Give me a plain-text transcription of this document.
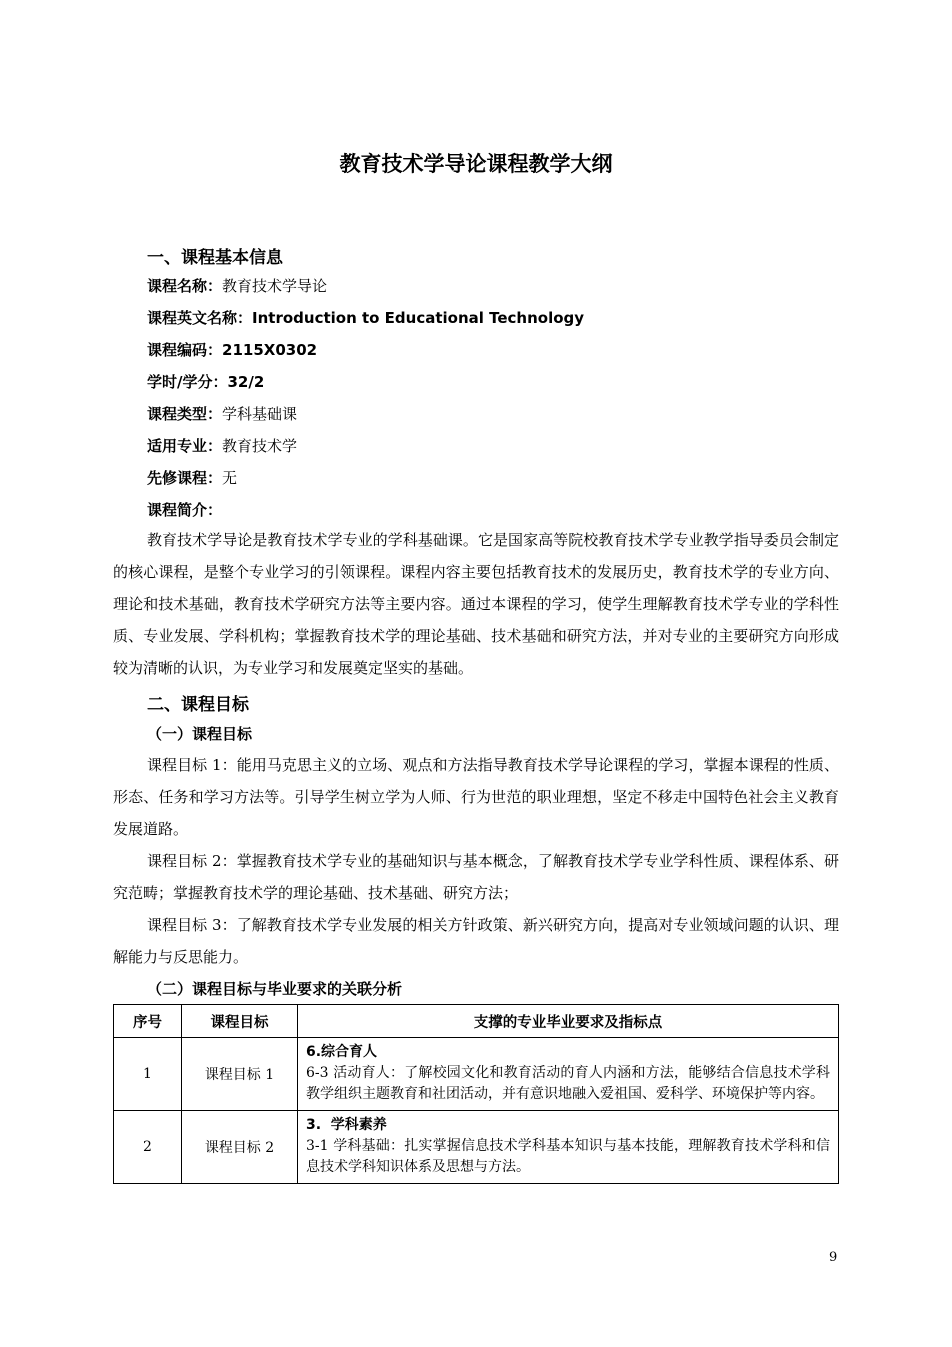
教育技术学导论课程教学大纲
一、课程基本信息
课程名称：教育技术学导论
课程英文名称：Introduction to Educational Technology
课程编码：2115X0302
学时/学分：32/2
课程类型：学科基础课
适用专业：教育技术学
先修课程：无
课程简介：
教育技术学导论是教育技术学专业的学科基础课。它是国家高等院校教育技术学专业教学指导委员会制定的核心课程，是整个专业学习的引领课程。课程内容主要包括教育技术的发展历史，教育技术学的专业方向、理论和技术基础，教育技术学研究方法等主要内容。通过本课程的学习，使学生理解教育技术学专业的学科性质、专业发展、学科机构；掌握教育技术学的理论基础、技术基础和研究方法，并对专业的主要研究方向形成较为清晰的认识，为专业学习和发展奠定坚实的基础。
二、课程目标
（一）课程目标
课程目标 1：能用马克思主义的立场、观点和方法指导教育技术学导论课程的学习，掌握本课程的性质、形态、任务和学习方法等。引导学生树立学为人师、行为世范的职业理想，坚定不移走中国特色社会主义教育发展道路。
课程目标 2：掌握教育技术学专业的基础知识与基本概念，了解教育技术学专业学科性质、课程体系、研究范畴；掌握教育技术学的理论基础、技术基础、研究方法；
课程目标 3：了解教育技术学专业发展的相关方针政策、新兴研究方向，提高对专业领域问题的认识、理解能力与反思能力。
（二）课程目标与毕业要求的关联分析
序号	课程目标	支撑的专业毕业要求及指标点
1	课程目标 1	6.综合育人
6-3 活动育人：了解校园文化和教育活动的育人内涵和方法，能够结合信息技术学科教学组织主题教育和社团活动，并有意识地融入爱祖国、爱科学、环境保护等内容。

2	课程目标 2	3.  学科素养
3-1 学科基础：扎实掌握信息技术学科基本知识与基本技能，理解教育技术学科和信息技术学科知识体系及思想与方法。
9
